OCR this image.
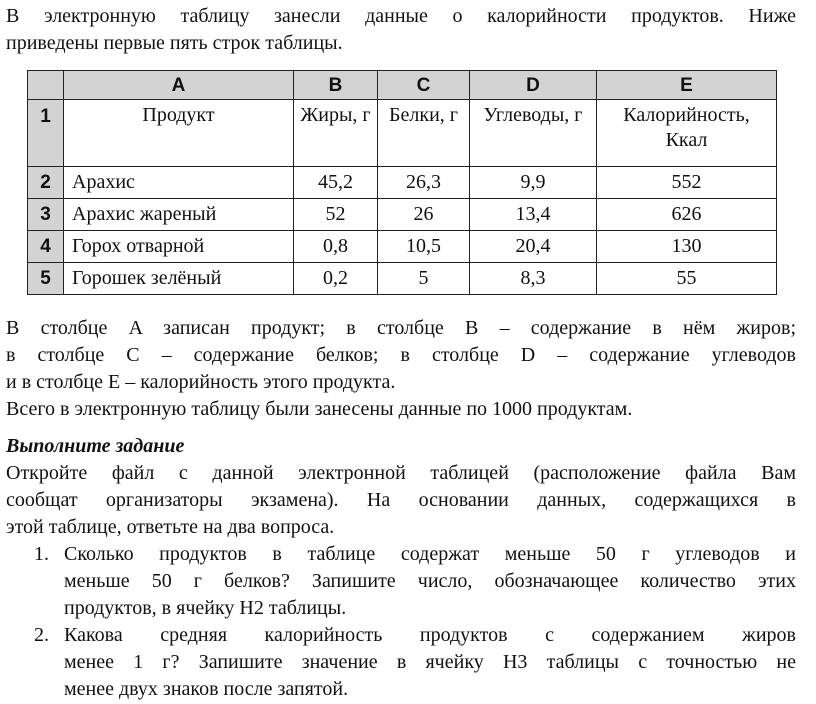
В электронную таблицу занесли данные о калорийности продуктов. Ниже

приведены первые пять строк таблицы.

	A	B	C	D	E
1	Продукт	Жиры, г	Белки, г	Углеводы, г	Калорийность,
Ккал
2	Арахис	45,2	26,3	9,9	552
3	Арахис жареный	52	26	13,4	626
4	Горох отварной	0,8	10,5	20,4	130
5	Горошек зелёный	0,2	5	8,3	55

В столбце A записан продукт; в столбце B – содержание в нём жиров;

в столбце C – содержание белков; в столбце D – содержание углеводов

и в столбце E – калорийность этого продукта.

Всего в электронную таблицу были занесены данные по 1000 продуктам.

Выполните задание

Откройте файл с данной электронной таблицей (расположение файла Вам

сообщат организаторы экзамена). На основании данных, содержащихся в

этой таблице, ответьте на два вопроса.

1. Сколько продуктов в таблице содержат меньше 50 г углеводов и

меньше 50 г белков? Запишите число, обозначающее количество этих

продуктов, в ячейку H2 таблицы.

2. Какова средняя калорийность продуктов с содержанием жиров

менее 1 г? Запишите значение в ячейку H3 таблицы с точностью не

менее двух знаков после запятой.
